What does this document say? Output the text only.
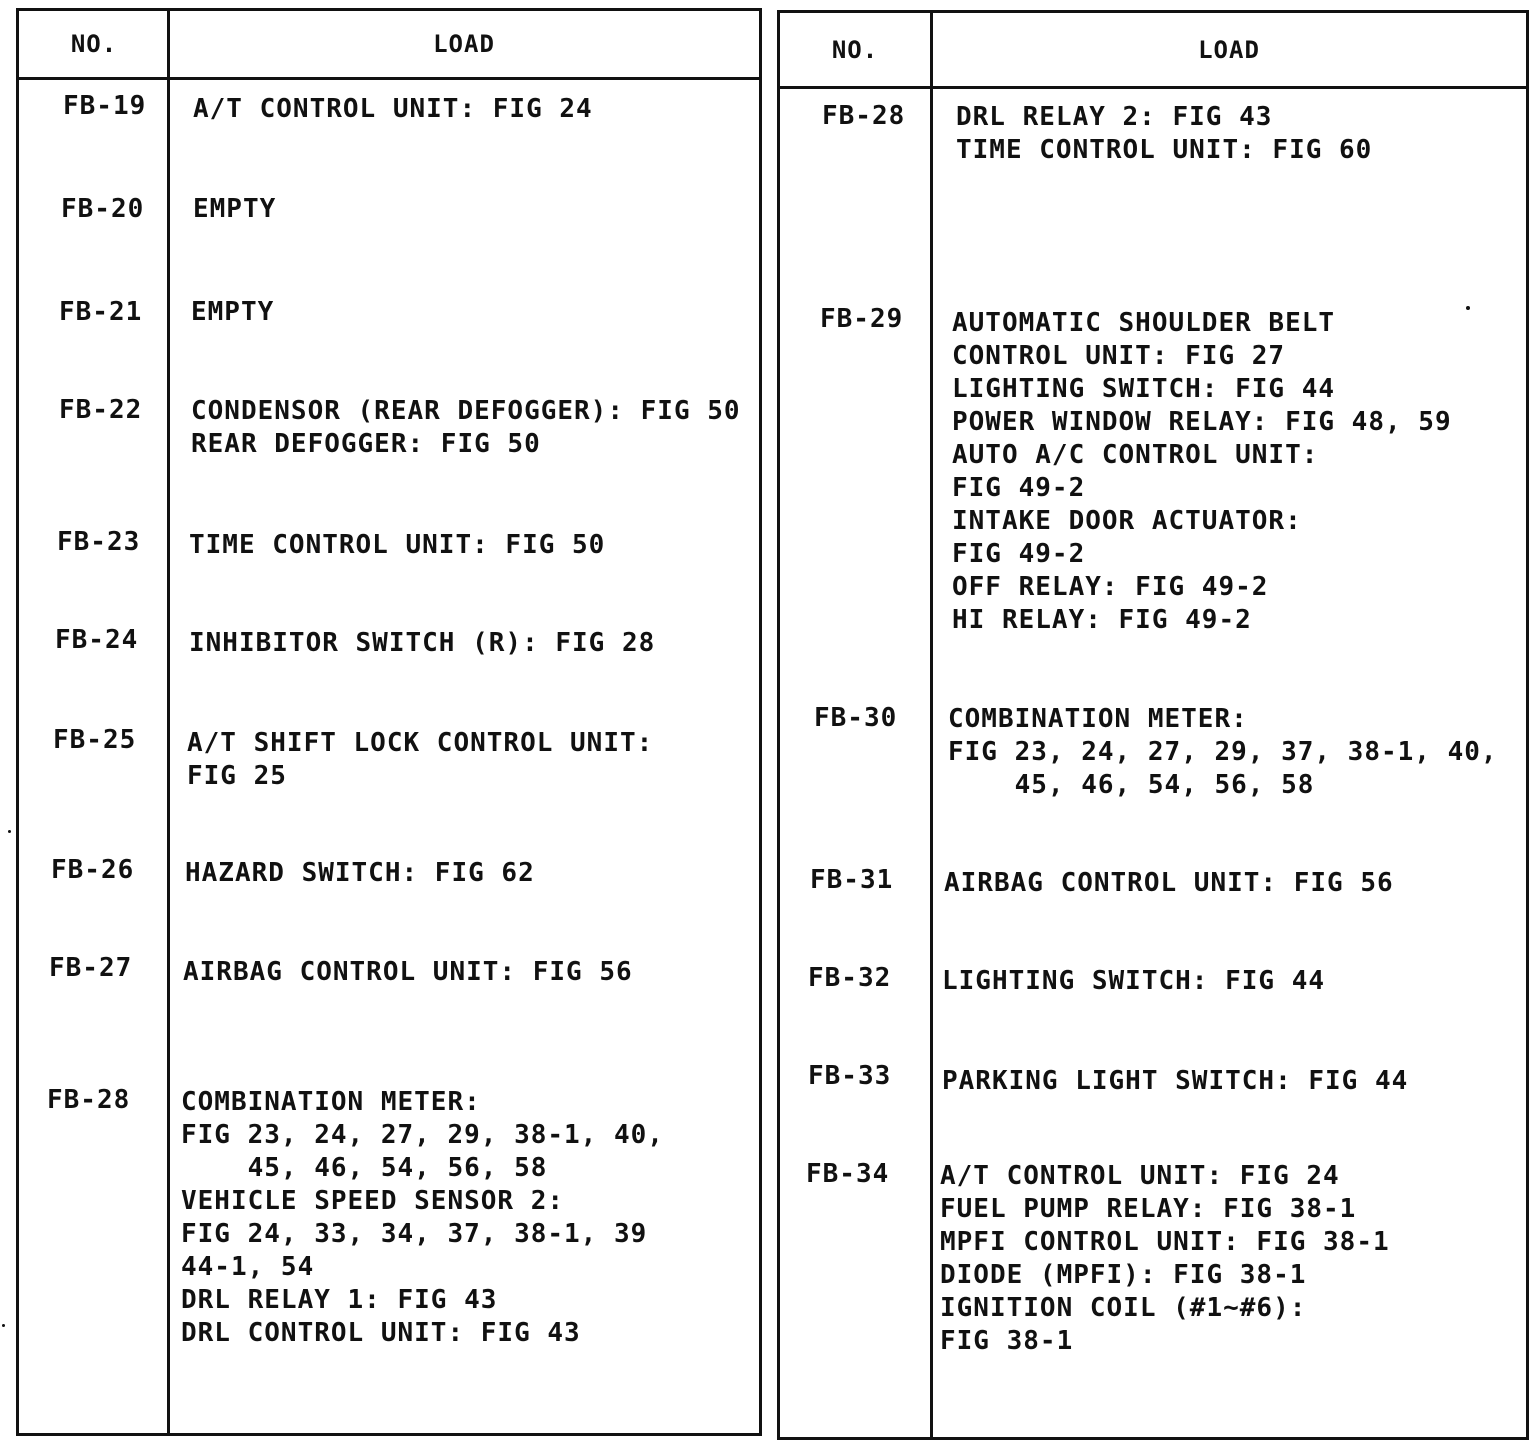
NO.	LOAD
FB-19 A/T CONTROL UNIT: FIG 24
FB-20 EMPTY
FB-21 EMPTY
FB-22 CONDENSOR (REAR DEFOGGER): FIG 50
REAR DEFOGGER: FIG 50
FB-23 TIME CONTROL UNIT: FIG 50
FB-24 INHIBITOR SWITCH (R): FIG 28
FB-25 A/T SHIFT LOCK CONTROL UNIT:
FIG 25
FB-26 HAZARD SWITCH: FIG 62
FB-27 AIRBAG CONTROL UNIT: FIG 56
FB-28 COMBINATION METER:
FIG 23, 24, 27, 29, 38-1, 40,
45, 46, 54, 56, 58
VEHICLE SPEED SENSOR 2:
FIG 24, 33, 34, 37, 38-1, 39
44-1, 54
DRL RELAY 1: FIG 43
DRL CONTROL UNIT: FIG 43
NO.	LOAD
FB-28 DRL RELAY 2: FIG 43
TIME CONTROL UNIT: FIG 60
FB-29 AUTOMATIC SHOULDER BELT
CONTROL UNIT: FIG 27
LIGHTING SWITCH: FIG 44
POWER WINDOW RELAY: FIG 48, 59
AUTO A/C CONTROL UNIT:
FIG 49-2
INTAKE DOOR ACTUATOR:
FIG 49-2
OFF RELAY: FIG 49-2
HI RELAY: FIG 49-2
FB-30 COMBINATION METER:
FIG 23, 24, 27, 29, 37, 38-1, 40,
45, 46, 54, 56, 58
FB-31 AIRBAG CONTROL UNIT: FIG 56
FB-32 LIGHTING SWITCH: FIG 44
FB-33 PARKING LIGHT SWITCH: FIG 44
FB-34 A/T CONTROL UNIT: FIG 24
FUEL PUMP RELAY: FIG 38-1
MPFI CONTROL UNIT: FIG 38-1
DIODE (MPFI): FIG 38-1
IGNITION COIL (#1~#6):
FIG 38-1
